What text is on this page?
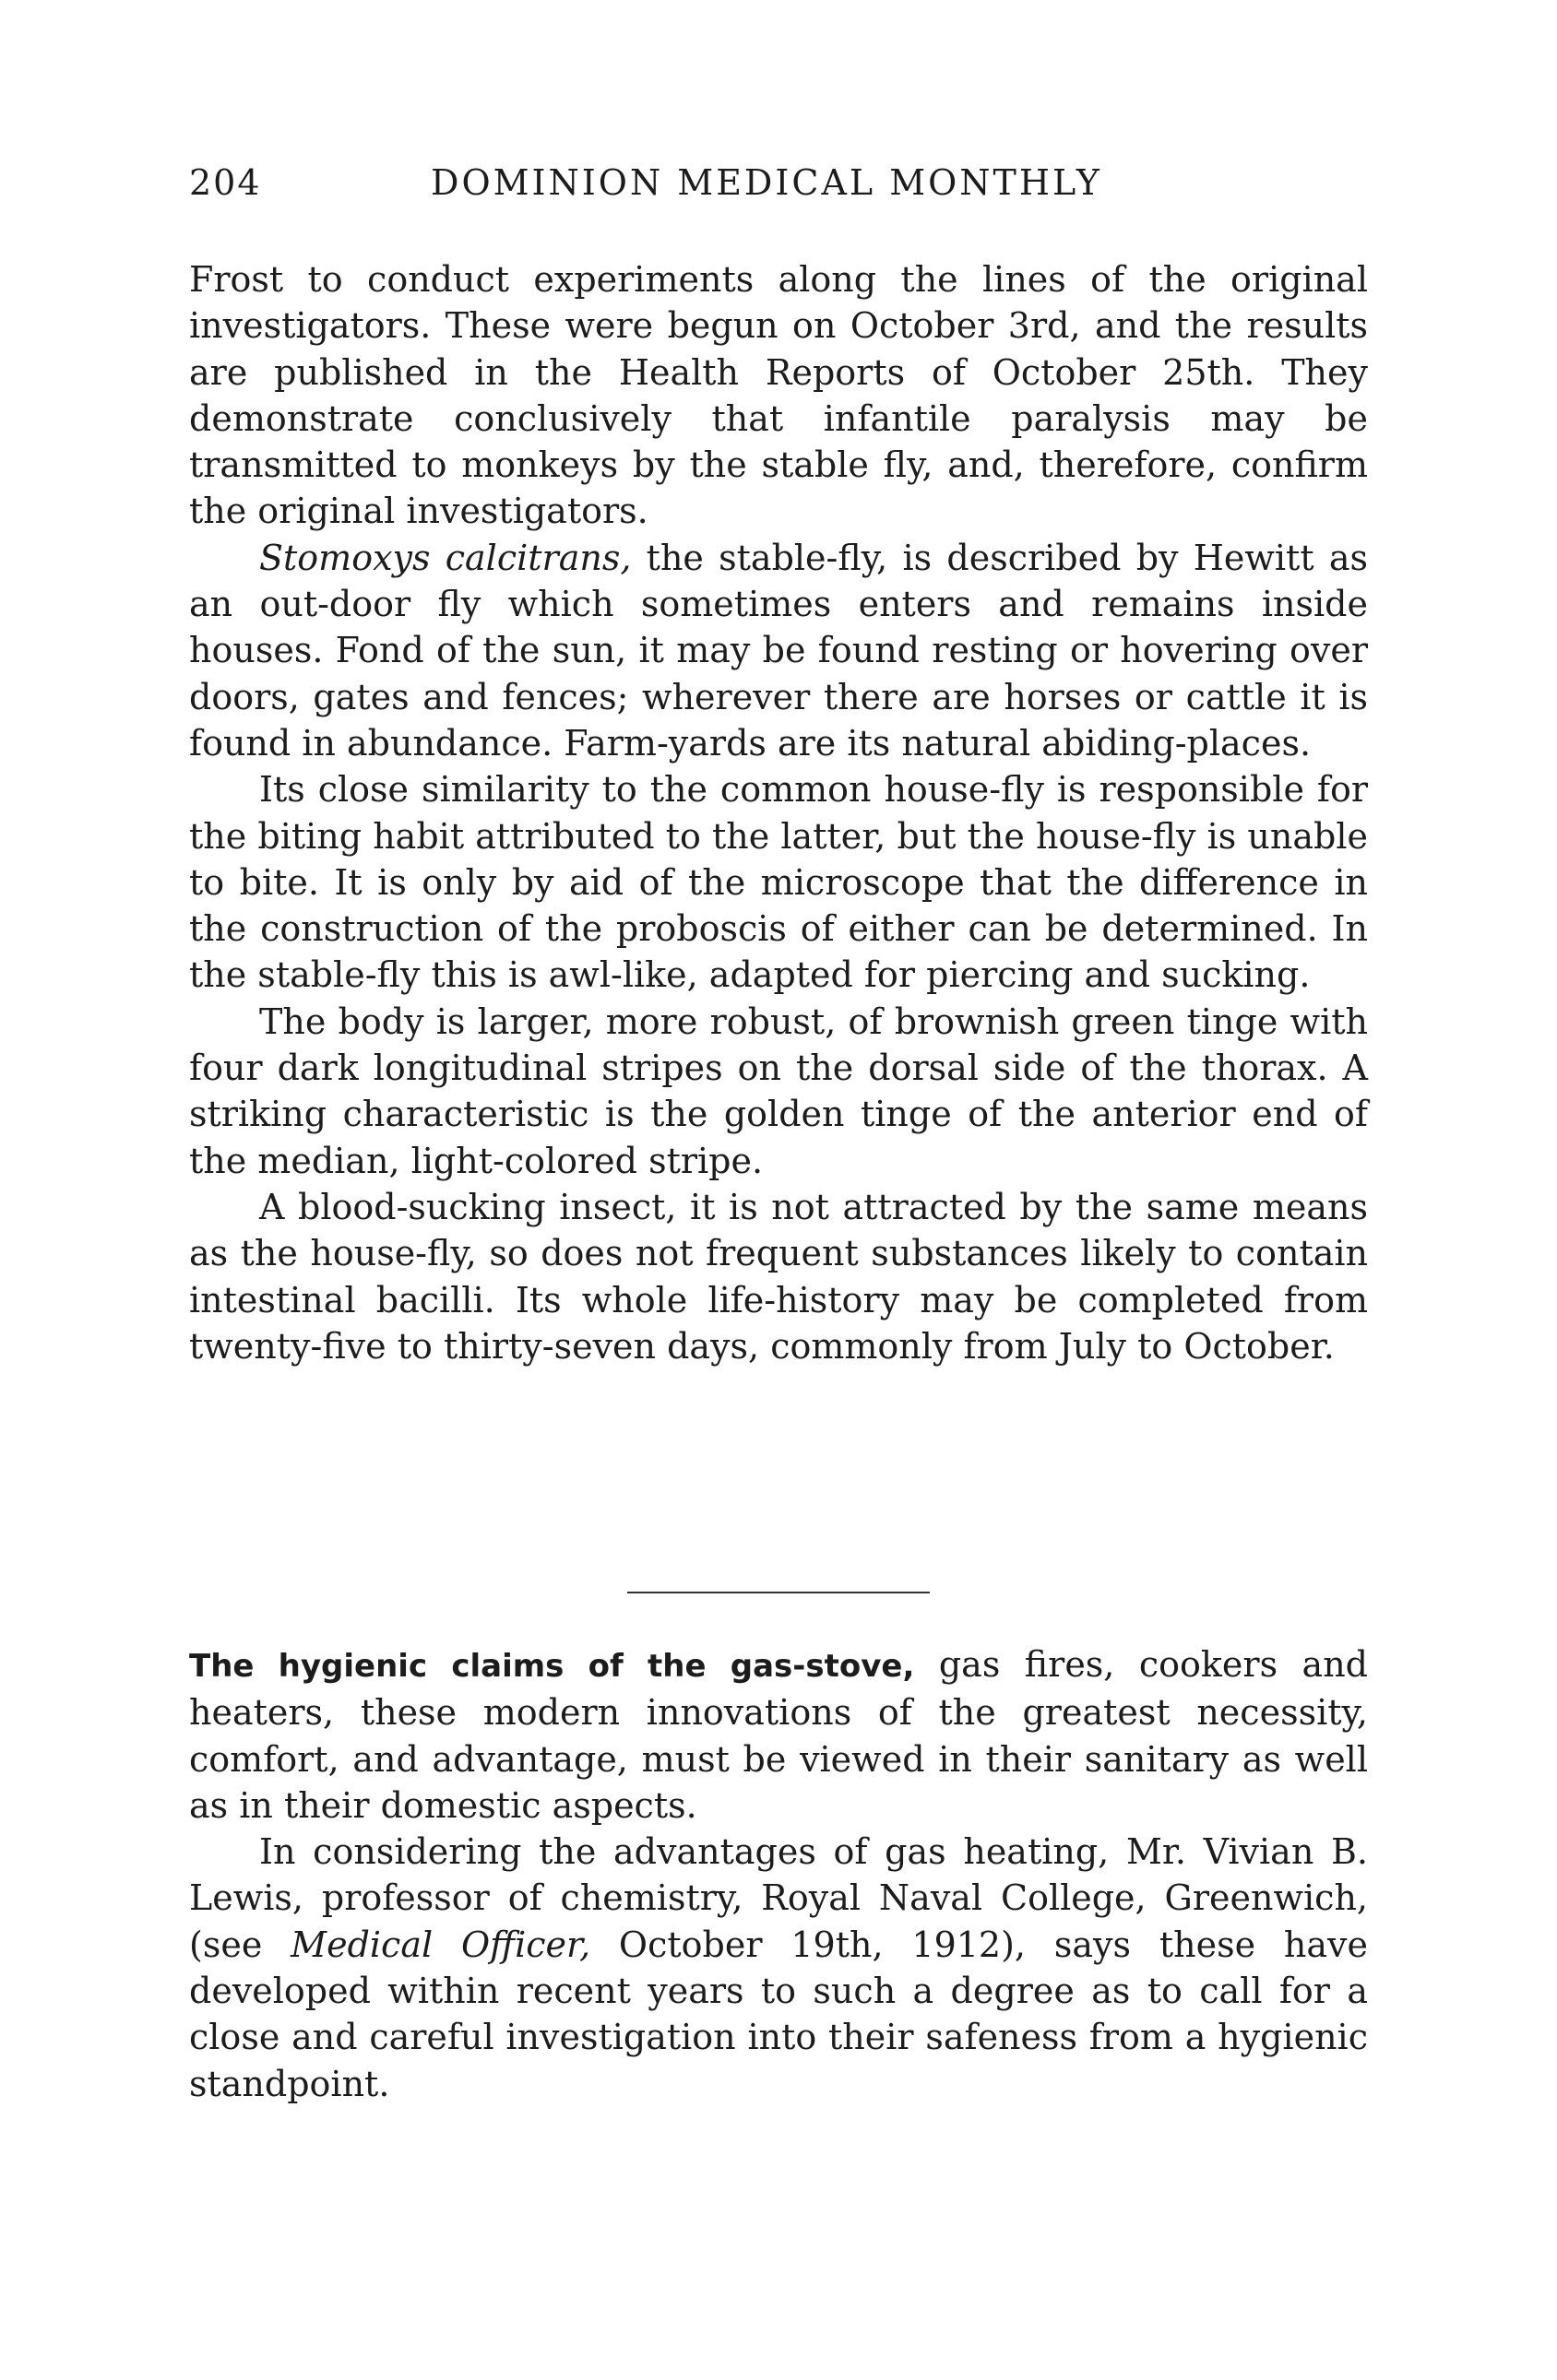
204	DOMINION MEDICAL MONTHLY

Frost to conduct experiments along the lines of the original investigators. These were begun on October 3rd, and the results are published in the Health Reports of October 25th. They demonstrate conclusively that infantile paralysis may be transmitted to monkeys by the stable fly, and, therefore, confirm the original investigators.

Stomoxys calcitrans, the stable-fly, is described by Hewitt as an out-door fly which sometimes enters and remains inside houses. Fond of the sun, it may be found resting or hovering over doors, gates and fences; wherever there are horses or cattle it is found in abundance. Farm-yards are its natural abiding-places.

Its close similarity to the common house-fly is responsible for the biting habit attributed to the latter, but the house-fly is unable to bite. It is only by aid of the microscope that the difference in the construction of the proboscis of either can be determined. In the stable-fly this is awl-like, adapted for piercing and sucking.

The body is larger, more robust, of brownish green tinge with four dark longitudinal stripes on the dorsal side of the thorax. A striking characteristic is the golden tinge of the anterior end of the median, light-colored stripe.

A blood-sucking insect, it is not attracted by the same means as the house-fly, so does not frequent substances likely to contain intestinal bacilli. Its whole life-history may be completed from twenty-five to thirty-seven days, commonly from July to October.

The hygienic claims of the gas-stove, gas fires, cookers and heaters, these modern innovations of the greatest necessity, comfort, and advantage, must be viewed in their sanitary as well as in their domestic aspects.

In considering the advantages of gas heating, Mr. Vivian B. Lewis, professor of chemistry, Royal Naval College, Greenwich, (see Medical Officer, October 19th, 1912), says these have developed within recent years to such a degree as to call for a close and careful investigation into their safeness from a hygienic standpoint.
